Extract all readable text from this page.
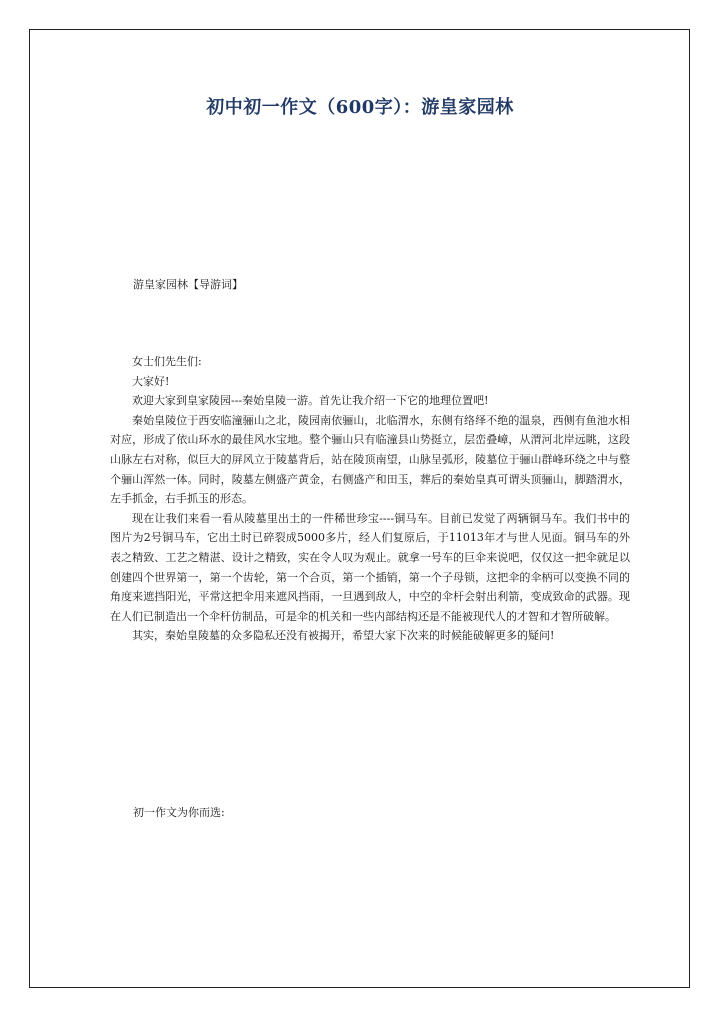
初中初一作文（600字）：游皇家园林
游皇家园林【导游词】

女士们先生们:

大家好!

欢迎大家到皇家陵园---秦始皇陵一游。首先让我介绍一下它的地理位置吧!

秦始皇陵位于西安临潼骊山之北，陵园南依骊山，北临渭水，东侧有络绎不绝的温泉，西侧有鱼池水相对应，形成了依山环水的最佳风水宝地。整个骊山只有临潼县山势挺立，层峦叠嶂，从渭河北岸远眺，这段山脉左右对称，似巨大的屏风立于陵墓背后，站在陵顶南望，山脉呈弧形，陵墓位于骊山群峰环绕之中与整个骊山浑然一体。同时，陵墓左侧盛产黄金，右侧盛产和田玉，葬后的秦始皇真可谓头顶骊山，脚踏渭水，左手抓金，右手抓玉的形态。

现在让我们来看一看从陵墓里出土的一件稀世珍宝----铜马车。目前已发觉了两辆铜马车。我们书中的图片为2号铜马车，它出土时已碎裂成5000多片，经人们复原后，于11013年才与世人见面。铜马车的外表之精致、工艺之精湛、设计之精致，实在令人叹为观止。就拿一号车的巨伞来说吧，仅仅这一把伞就足以创建四个世界第一，第一个齿轮，第一个合页，第一个插销，第一个子母锁，这把伞的伞柄可以变换不同的角度来遮挡阳光，平常这把伞用来遮风挡雨，一旦遇到敌人，中空的伞杆会射出利箭，变成致命的武器。现在人们已制造出一个伞杆仿制品，可是伞的机关和一些内部结构还是不能被现代人的才智和才智所破解。

其实，秦始皇陵墓的众多隐私还没有被揭开，希望大家下次来的时候能破解更多的疑问!

初一作文为你而选:
